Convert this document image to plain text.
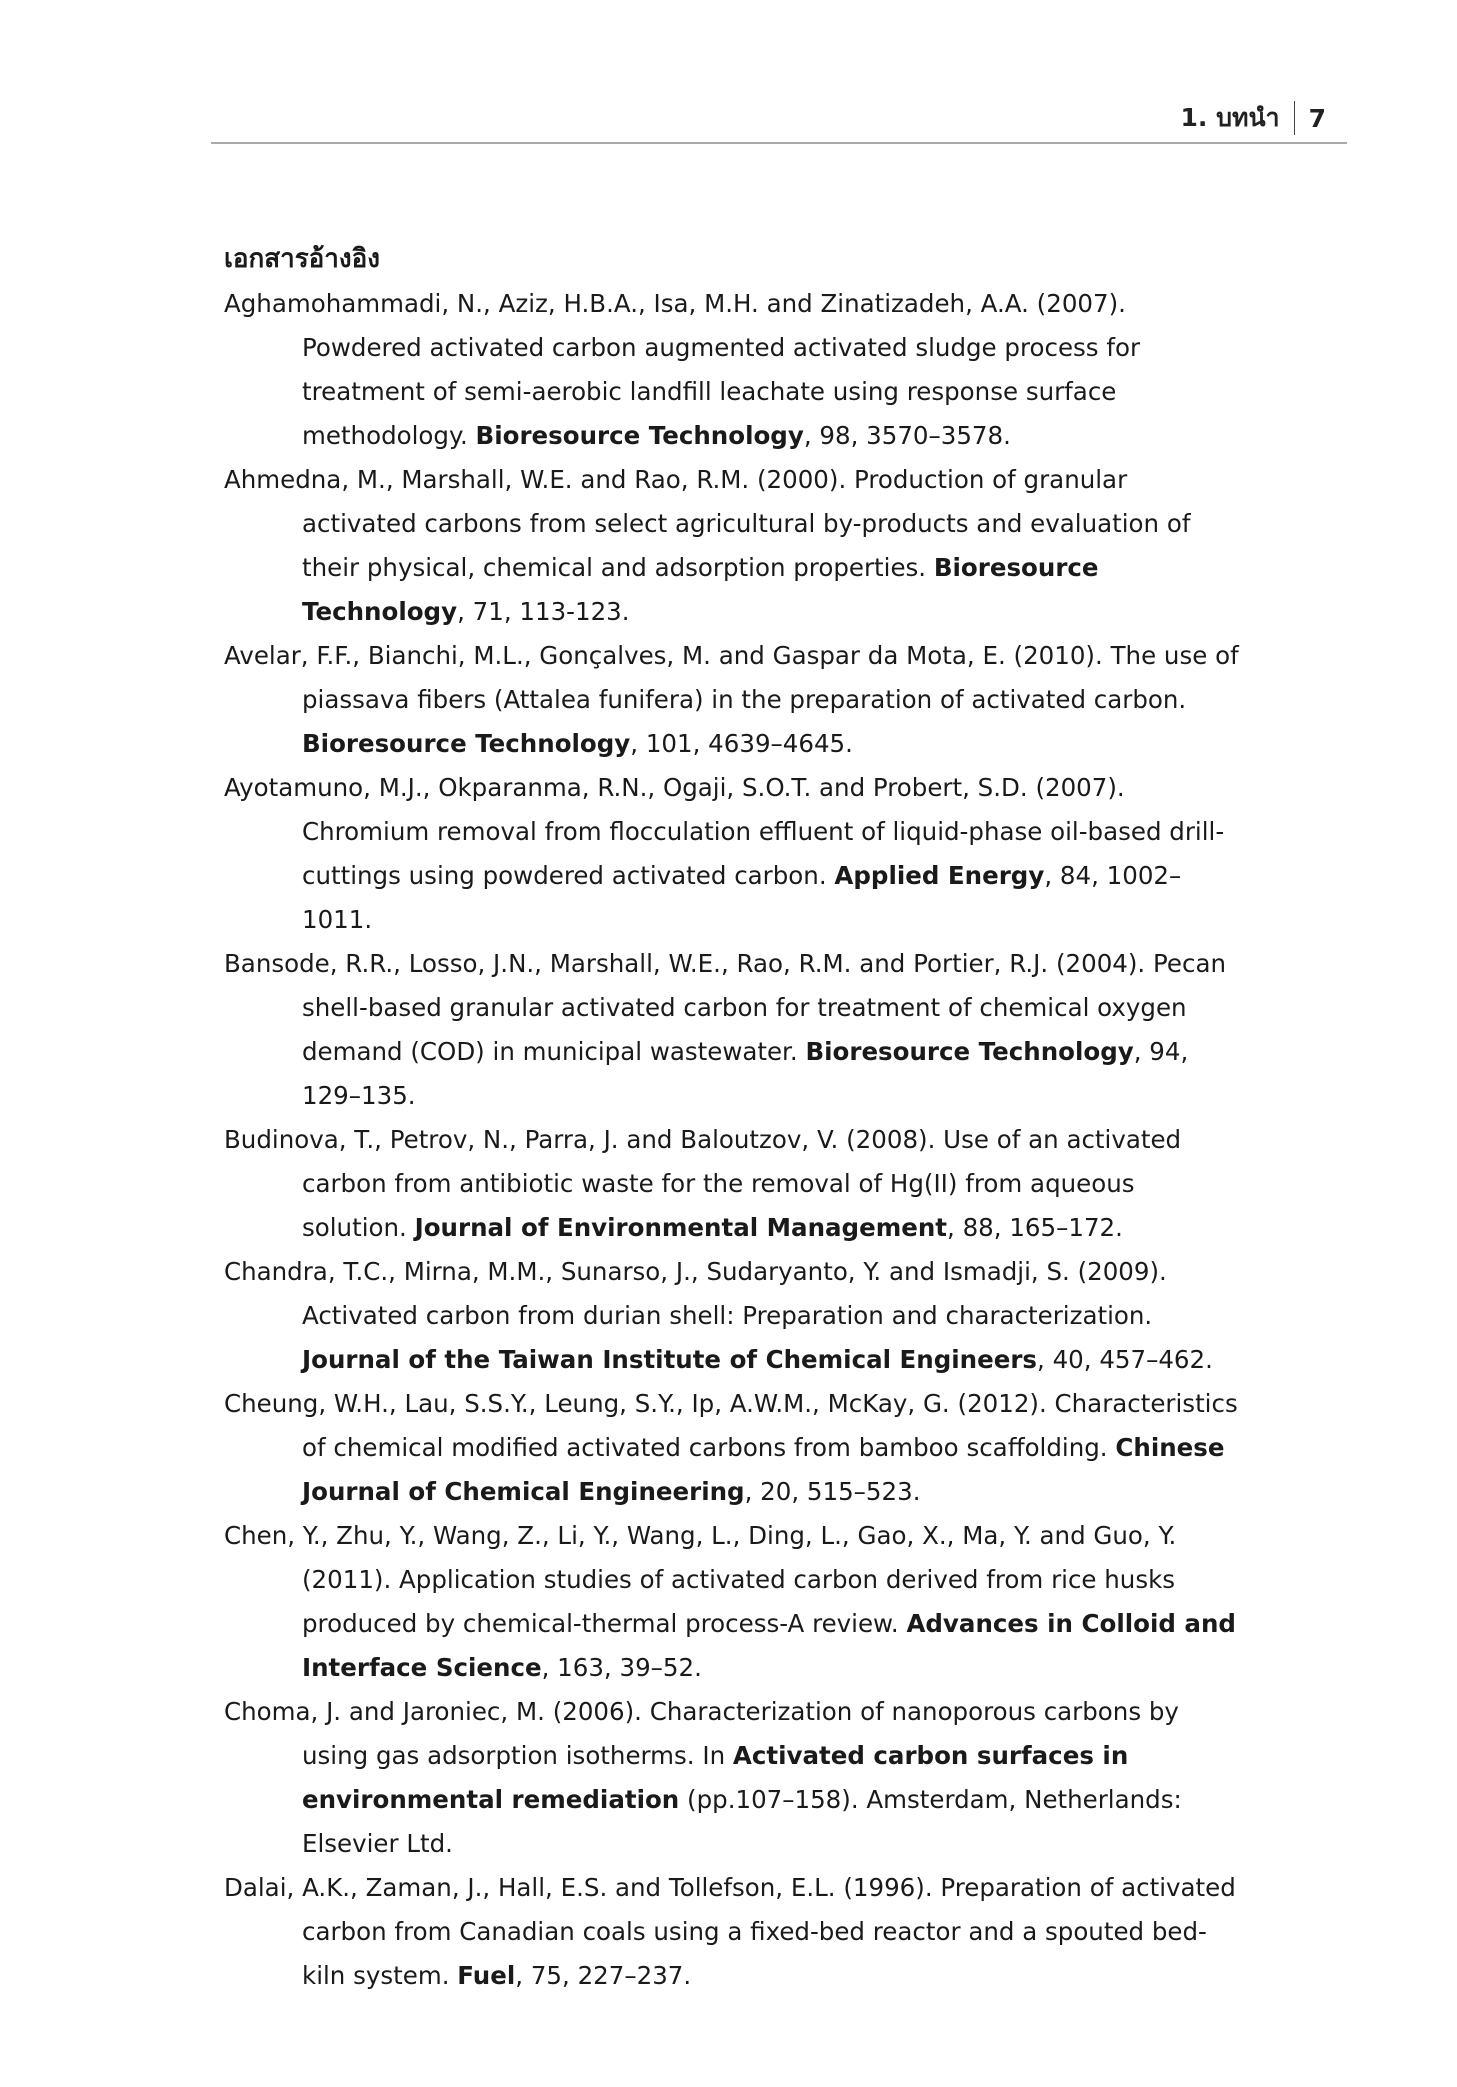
1. บทนำ 7
เอกสารอ้างอิง
Aghamohammadi, N., Aziz, H.B.A., Isa, M.H. and Zinatizadeh, A.A. (2007). Powdered activated carbon augmented activated sludge process for treatment of semi-aerobic landfill leachate using response surface methodology. Bioresource Technology, 98, 3570–3578.
Ahmedna, M., Marshall, W.E. and Rao, R.M. (2000). Production of granular activated carbons from select agricultural by-products and evaluation of their physical, chemical and adsorption properties. Bioresource Technology, 71, 113-123.
Avelar, F.F., Bianchi, M.L., Gonçalves, M. and Gaspar da Mota, E. (2010). The use of piassava fibers (Attalea funifera) in the preparation of activated carbon. Bioresource Technology, 101, 4639–4645.
Ayotamuno, M.J., Okparanma, R.N., Ogaji, S.O.T. and Probert, S.D. (2007). Chromium removal from flocculation effluent of liquid-phase oil-based drill-cuttings using powdered activated carbon. Applied Energy, 84, 1002–1011.
Bansode, R.R., Losso, J.N., Marshall, W.E., Rao, R.M. and Portier, R.J. (2004). Pecan shell-based granular activated carbon for treatment of chemical oxygen demand (COD) in municipal wastewater. Bioresource Technology, 94, 129–135.
Budinova, T., Petrov, N., Parra, J. and Baloutzov, V. (2008). Use of an activated carbon from antibiotic waste for the removal of Hg(II) from aqueous solution. Journal of Environmental Management, 88, 165–172.
Chandra, T.C., Mirna, M.M., Sunarso, J., Sudaryanto, Y. and Ismadji, S. (2009). Activated carbon from durian shell: Preparation and characterization. Journal of the Taiwan Institute of Chemical Engineers, 40, 457–462.
Cheung, W.H., Lau, S.S.Y., Leung, S.Y., Ip, A.W.M., McKay, G. (2012). Characteristics of chemical modified activated carbons from bamboo scaffolding. Chinese Journal of Chemical Engineering, 20, 515–523.
Chen, Y., Zhu, Y., Wang, Z., Li, Y., Wang, L., Ding, L., Gao, X., Ma, Y. and Guo, Y. (2011). Application studies of activated carbon derived from rice husks produced by chemical-thermal process-A review. Advances in Colloid and Interface Science, 163, 39–52.
Choma, J. and Jaroniec, M. (2006). Characterization of nanoporous carbons by using gas adsorption isotherms. In Activated carbon surfaces in environmental remediation (pp.107–158). Amsterdam, Netherlands: Elsevier Ltd.
Dalai, A.K., Zaman, J., Hall, E.S. and Tollefson, E.L. (1996). Preparation of activated carbon from Canadian coals using a fixed-bed reactor and a spouted bed-kiln system. Fuel, 75, 227–237.
